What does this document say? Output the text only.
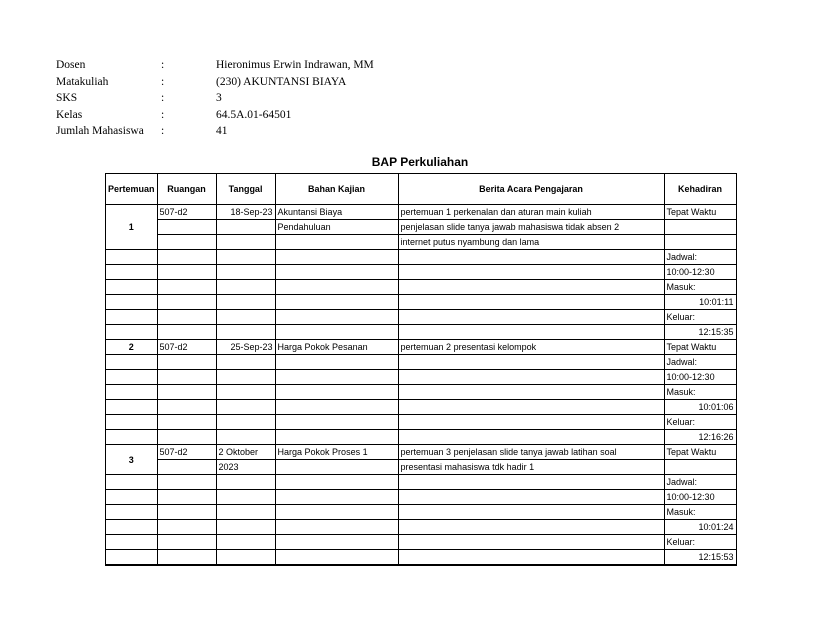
Dosen	:	Hieronimus Erwin Indrawan, MM
Matakuliah	:	(230) AKUNTANSI BIAYA
SKS	:	3
Kelas	:	64.5A.01-64501
Jumlah Mahasiswa	:	41
BAP Perkuliahan
Pertemuan	Ruangan	Tanggal	Bahan Kajian	Berita Acara Pengajaran	Kehadiran
1	507-d2	18-Sep-23	Akuntansi Biaya	pertemuan 1 perkenalan dan aturan main kuliah	Tepat Waktu
			Pendahuluan	penjelasan slide tanya jawab mahasiswa tidak absen 2	
				internet putus nyambung dan lama	
					Jadwal:
					10:00-12:30
					Masuk:
					10:01:11
					Keluar:
					12:15:35
2	507-d2	25-Sep-23	Harga Pokok Pesanan	pertemuan 2 presentasi kelompok	Tepat Waktu
					Jadwal:
					10:00-12:30
					Masuk:
					10:01:06
					Keluar:
					12:16:26
3	507-d2	2 Oktober	Harga Pokok Proses 1	pertemuan 3 penjelasan slide tanya jawab latihan soal	Tepat Waktu
		2023		presentasi mahasiswa tdk hadir 1	
					Jadwal:
					10:00-12:30
					Masuk:
					10:01:24
					Keluar:
					12:15:53
